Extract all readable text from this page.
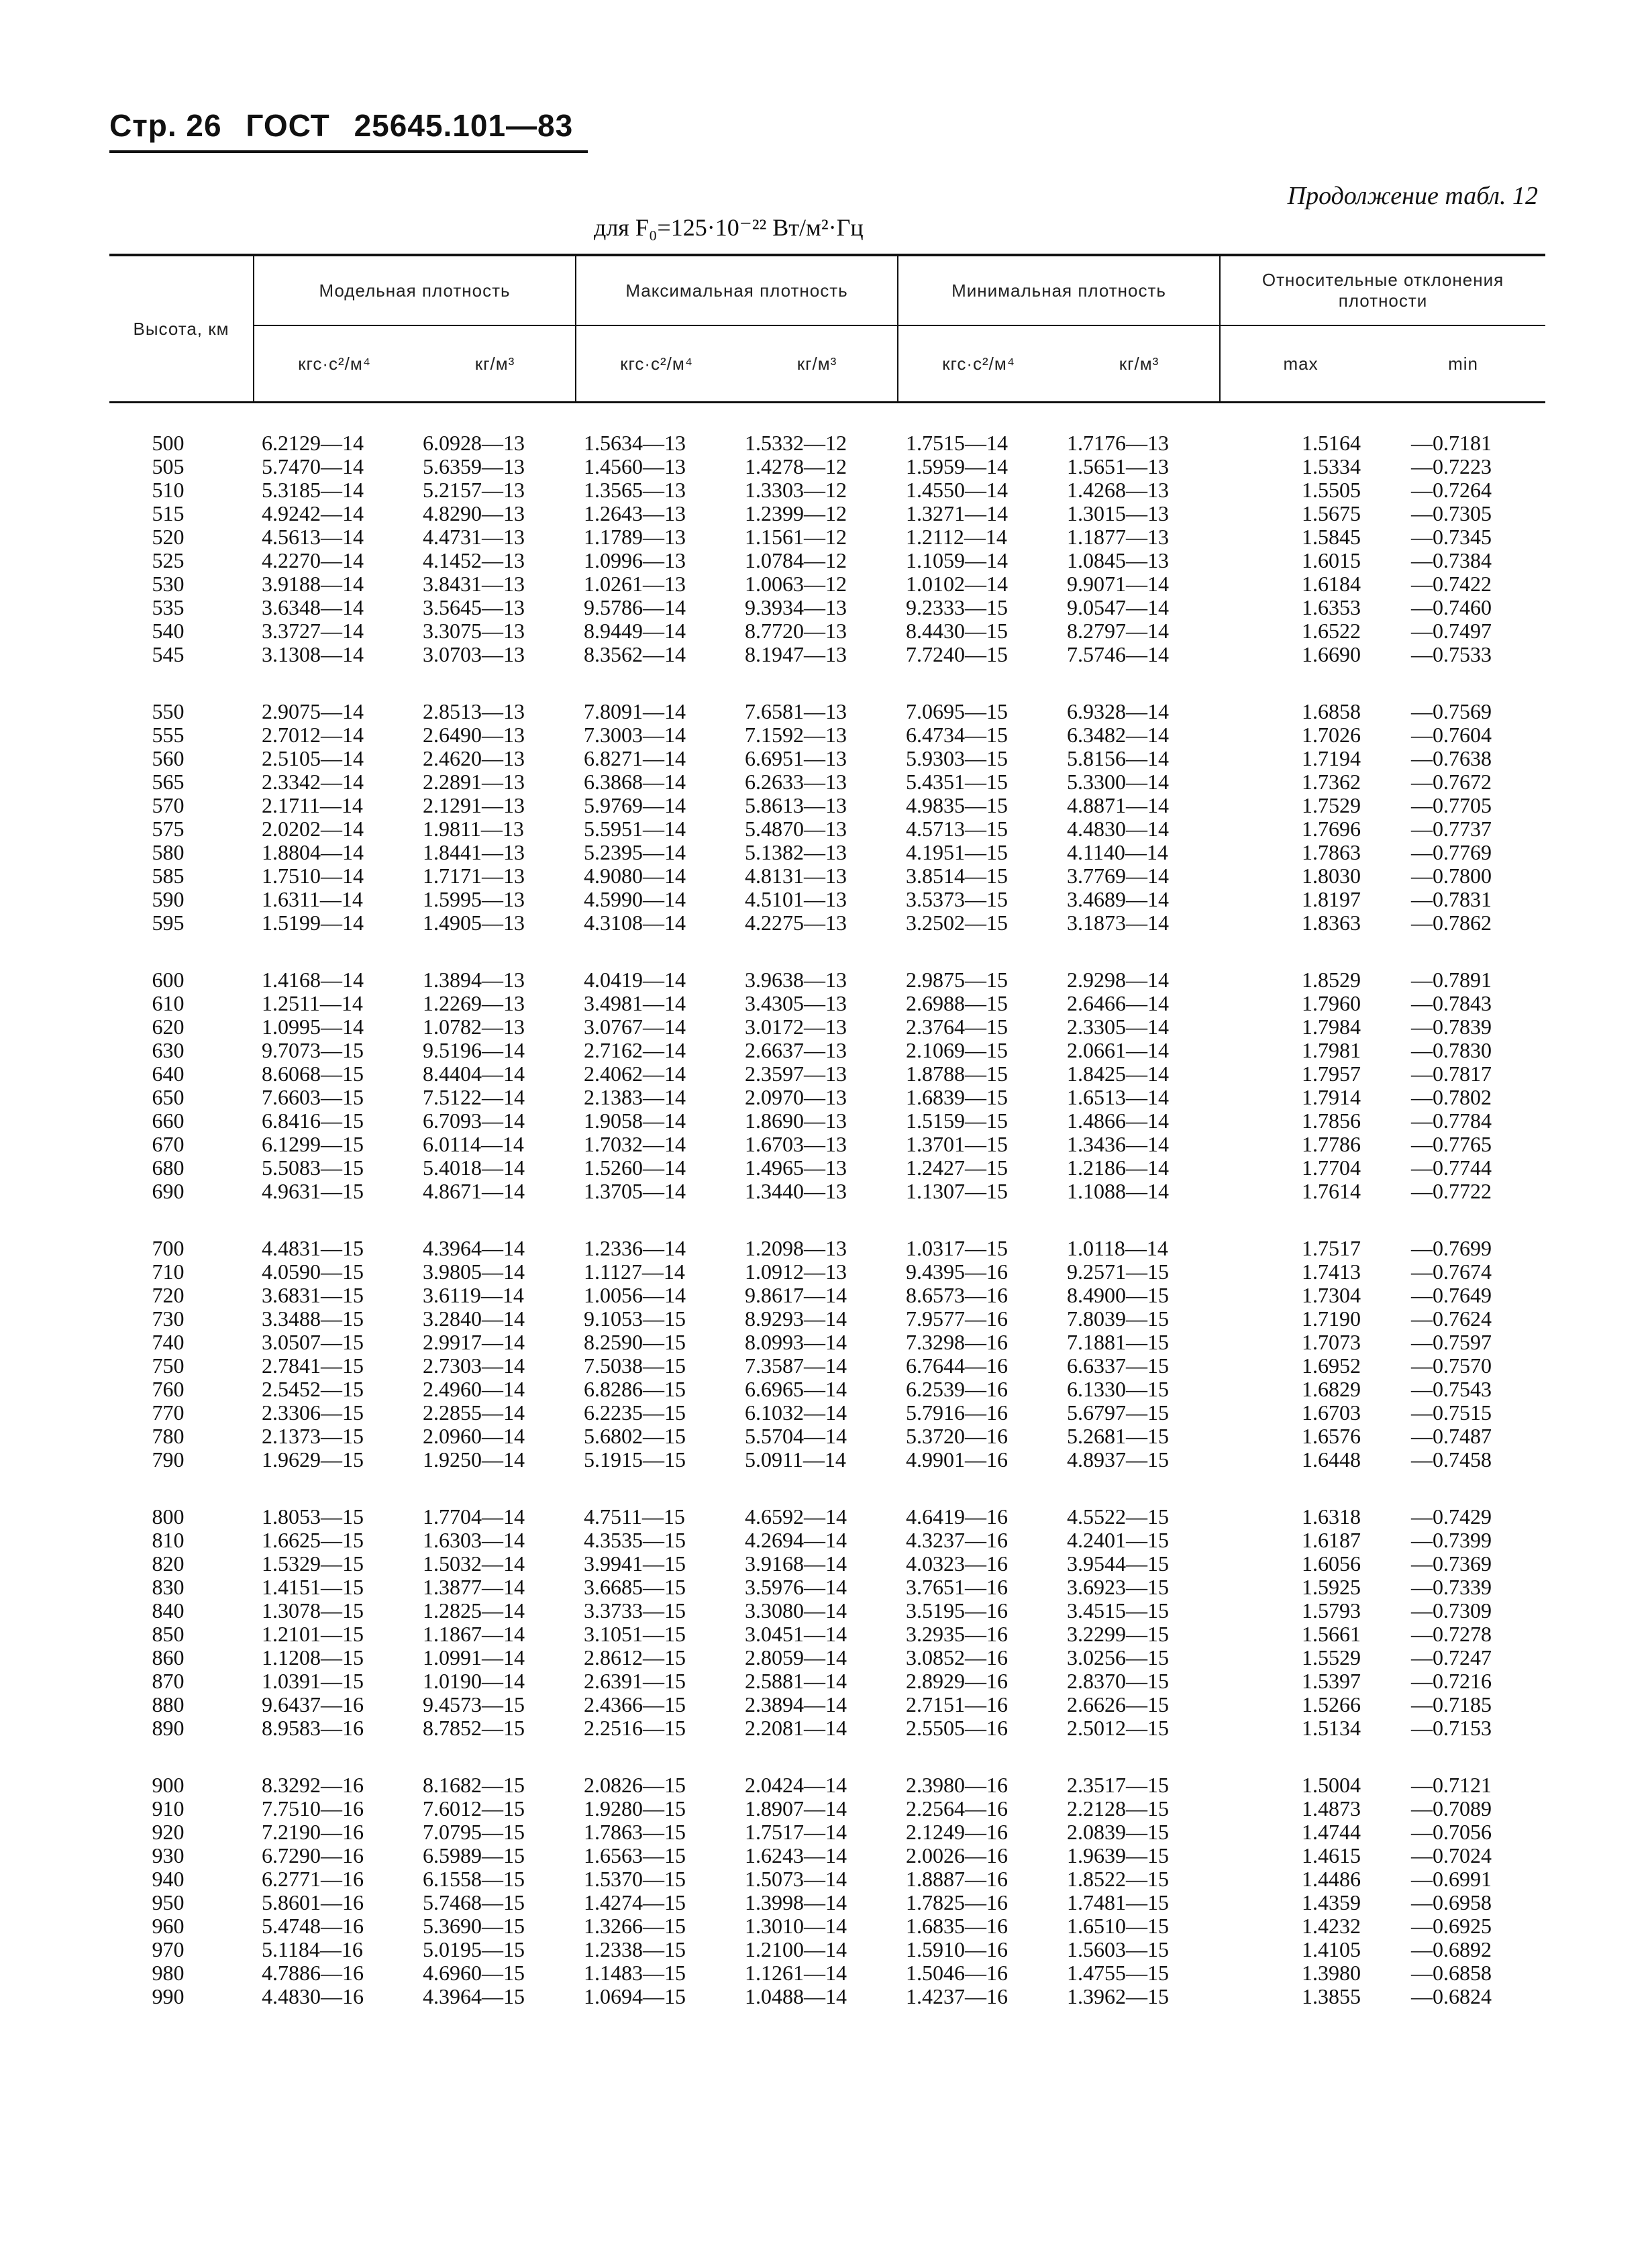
Стр. 26 ГОСТ 25645.101—83
Продолжение табл. 12
для F₀=125·10⁻²² Вт/м²·Гц
Высота, км	Модельная плотность		Максимальная плотность		Минимальная плотность		Относительные отклонения плотности	
	кгс·с²/м⁴	кг/м³	кгс·с²/м⁴	кг/м³	кгс·с²/м⁴	кг/м³	max	min

500	6.2129—14	6.0928—13	1.5634—13	1.5332—12	1.7515—14	1.7176—13	1.5164	—0.7181
505	5.7470—14	5.6359—13	1.4560—13	1.4278—12	1.5959—14	1.5651—13	1.5334	—0.7223
510	5.3185—14	5.2157—13	1.3565—13	1.3303—12	1.4550—14	1.4268—13	1.5505	—0.7264
515	4.9242—14	4.8290—13	1.2643—13	1.2399—12	1.3271—14	1.3015—13	1.5675	—0.7305
520	4.5613—14	4.4731—13	1.1789—13	1.1561—12	1.2112—14	1.1877—13	1.5845	—0.7345
525	4.2270—14	4.1452—13	1.0996—13	1.0784—12	1.1059—14	1.0845—13	1.6015	—0.7384
530	3.9188—14	3.8431—13	1.0261—13	1.0063—12	1.0102—14	9.9071—14	1.6184	—0.7422
535	3.6348—14	3.5645—13	9.5786—14	9.3934—13	9.2333—15	9.0547—14	1.6353	—0.7460
540	3.3727—14	3.3075—13	8.9449—14	8.7720—13	8.4430—15	8.2797—14	1.6522	—0.7497
545	3.1308—14	3.0703—13	8.3562—14	8.1947—13	7.7240—15	7.5746—14	1.6690	—0.7533

550	2.9075—14	2.8513—13	7.8091—14	7.6581—13	7.0695—15	6.9328—14	1.6858	—0.7569
555	2.7012—14	2.6490—13	7.3003—14	7.1592—13	6.4734—15	6.3482—14	1.7026	—0.7604
560	2.5105—14	2.4620—13	6.8271—14	6.6951—13	5.9303—15	5.8156—14	1.7194	—0.7638
565	2.3342—14	2.2891—13	6.3868—14	6.2633—13	5.4351—15	5.3300—14	1.7362	—0.7672
570	2.1711—14	2.1291—13	5.9769—14	5.8613—13	4.9835—15	4.8871—14	1.7529	—0.7705
575	2.0202—14	1.9811—13	5.5951—14	5.4870—13	4.5713—15	4.4830—14	1.7696	—0.7737
580	1.8804—14	1.8441—13	5.2395—14	5.1382—13	4.1951—15	4.1140—14	1.7863	—0.7769
585	1.7510—14	1.7171—13	4.9080—14	4.8131—13	3.8514—15	3.7769—14	1.8030	—0.7800
590	1.6311—14	1.5995—13	4.5990—14	4.5101—13	3.5373—15	3.4689—14	1.8197	—0.7831
595	1.5199—14	1.4905—13	4.3108—14	4.2275—13	3.2502—15	3.1873—14	1.8363	—0.7862

600	1.4168—14	1.3894—13	4.0419—14	3.9638—13	2.9875—15	2.9298—14	1.8529	—0.7891
610	1.2511—14	1.2269—13	3.4981—14	3.4305—13	2.6988—15	2.6466—14	1.7960	—0.7843
620	1.0995—14	1.0782—13	3.0767—14	3.0172—13	2.3764—15	2.3305—14	1.7984	—0.7839
630	9.7073—15	9.5196—14	2.7162—14	2.6637—13	2.1069—15	2.0661—14	1.7981	—0.7830
640	8.6068—15	8.4404—14	2.4062—14	2.3597—13	1.8788—15	1.8425—14	1.7957	—0.7817
650	7.6603—15	7.5122—14	2.1383—14	2.0970—13	1.6839—15	1.6513—14	1.7914	—0.7802
660	6.8416—15	6.7093—14	1.9058—14	1.8690—13	1.5159—15	1.4866—14	1.7856	—0.7784
670	6.1299—15	6.0114—14	1.7032—14	1.6703—13	1.3701—15	1.3436—14	1.7786	—0.7765
680	5.5083—15	5.4018—14	1.5260—14	1.4965—13	1.2427—15	1.2186—14	1.7704	—0.7744
690	4.9631—15	4.8671—14	1.3705—14	1.3440—13	1.1307—15	1.1088—14	1.7614	—0.7722

700	4.4831—15	4.3964—14	1.2336—14	1.2098—13	1.0317—15	1.0118—14	1.7517	—0.7699
710	4.0590—15	3.9805—14	1.1127—14	1.0912—13	9.4395—16	9.2571—15	1.7413	—0.7674
720	3.6831—15	3.6119—14	1.0056—14	9.8617—14	8.6573—16	8.4900—15	1.7304	—0.7649
730	3.3488—15	3.2840—14	9.1053—15	8.9293—14	7.9577—16	7.8039—15	1.7190	—0.7624
740	3.0507—15	2.9917—14	8.2590—15	8.0993—14	7.3298—16	7.1881—15	1.7073	—0.7597
750	2.7841—15	2.7303—14	7.5038—15	7.3587—14	6.7644—16	6.6337—15	1.6952	—0.7570
760	2.5452—15	2.4960—14	6.8286—15	6.6965—14	6.2539—16	6.1330—15	1.6829	—0.7543
770	2.3306—15	2.2855—14	6.2235—15	6.1032—14	5.7916—16	5.6797—15	1.6703	—0.7515
780	2.1373—15	2.0960—14	5.6802—15	5.5704—14	5.3720—16	5.2681—15	1.6576	—0.7487
790	1.9629—15	1.9250—14	5.1915—15	5.0911—14	4.9901—16	4.8937—15	1.6448	—0.7458

800	1.8053—15	1.7704—14	4.7511—15	4.6592—14	4.6419—16	4.5522—15	1.6318	—0.7429
810	1.6625—15	1.6303—14	4.3535—15	4.2694—14	4.3237—16	4.2401—15	1.6187	—0.7399
820	1.5329—15	1.5032—14	3.9941—15	3.9168—14	4.0323—16	3.9544—15	1.6056	—0.7369
830	1.4151—15	1.3877—14	3.6685—15	3.5976—14	3.7651—16	3.6923—15	1.5925	—0.7339
840	1.3078—15	1.2825—14	3.3733—15	3.3080—14	3.5195—16	3.4515—15	1.5793	—0.7309
850	1.2101—15	1.1867—14	3.1051—15	3.0451—14	3.2935—16	3.2299—15	1.5661	—0.7278
860	1.1208—15	1.0991—14	2.8612—15	2.8059—14	3.0852—16	3.0256—15	1.5529	—0.7247
870	1.0391—15	1.0190—14	2.6391—15	2.5881—14	2.8929—16	2.8370—15	1.5397	—0.7216
880	9.6437—16	9.4573—15	2.4366—15	2.3894—14	2.7151—16	2.6626—15	1.5266	—0.7185
890	8.9583—16	8.7852—15	2.2516—15	2.2081—14	2.5505—16	2.5012—15	1.5134	—0.7153

900	8.3292—16	8.1682—15	2.0826—15	2.0424—14	2.3980—16	2.3517—15	1.5004	—0.7121
910	7.7510—16	7.6012—15	1.9280—15	1.8907—14	2.2564—16	2.2128—15	1.4873	—0.7089
920	7.2190—16	7.0795—15	1.7863—15	1.7517—14	2.1249—16	2.0839—15	1.4744	—0.7056
930	6.7290—16	6.5989—15	1.6563—15	1.6243—14	2.0026—16	1.9639—15	1.4615	—0.7024
940	6.2771—16	6.1558—15	1.5370—15	1.5073—14	1.8887—16	1.8522—15	1.4486	—0.6991
950	5.8601—16	5.7468—15	1.4274—15	1.3998—14	1.7825—16	1.7481—15	1.4359	—0.6958
960	5.4748—16	5.3690—15	1.3266—15	1.3010—14	1.6835—16	1.6510—15	1.4232	—0.6925
970	5.1184—16	5.0195—15	1.2338—15	1.2100—14	1.5910—16	1.5603—15	1.4105	—0.6892
980	4.7886—16	4.6960—15	1.1483—15	1.1261—14	1.5046—16	1.4755—15	1.3980	—0.6858
990	4.4830—16	4.3964—15	1.0694—15	1.0488—14	1.4237—16	1.3962—15	1.3855	—0.6824
